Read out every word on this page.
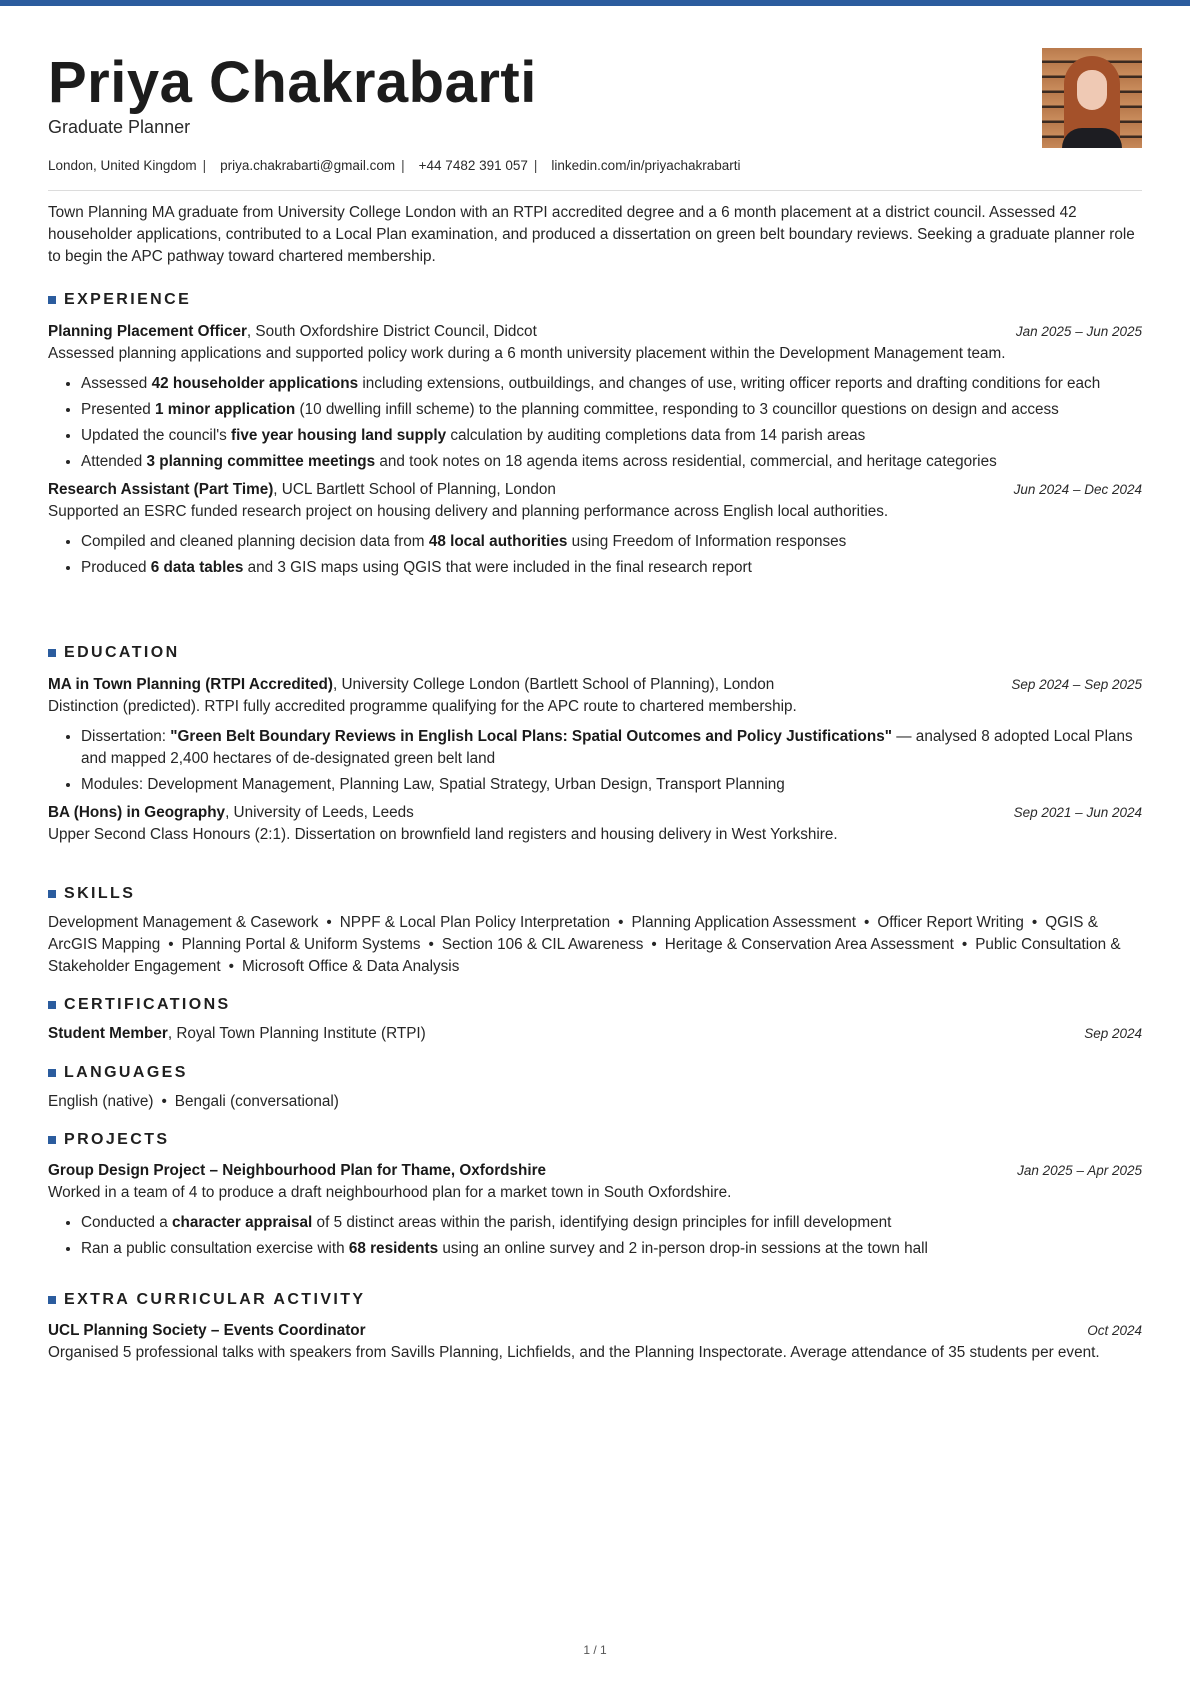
Priya Chakrabarti
Graduate Planner
London, United Kingdom | priya.chakrabarti@gmail.com | +44 7482 391 057 | linkedin.com/in/priyachakrabarti
Town Planning MA graduate from University College London with an RTPI accredited degree and a 6 month placement at a district council. Assessed 42 householder applications, contributed to a Local Plan examination, and produced a dissertation on green belt boundary reviews. Seeking a graduate planner role to begin the APC pathway toward chartered membership.
EXPERIENCE
Planning Placement Officer, South Oxfordshire District Council, Didcot	Jan 2025 – Jun 2025
Assessed planning applications and supported policy work during a 6 month university placement within the Development Management team.
• Assessed 42 householder applications including extensions, outbuildings, and changes of use, writing officer reports and drafting conditions for each
• Presented 1 minor application (10 dwelling infill scheme) to the planning committee, responding to 3 councillor questions on design and access
• Updated the council's five year housing land supply calculation by auditing completions data from 14 parish areas
• Attended 3 planning committee meetings and took notes on 18 agenda items across residential, commercial, and heritage categories
Research Assistant (Part Time), UCL Bartlett School of Planning, London	Jun 2024 – Dec 2024
Supported an ESRC funded research project on housing delivery and planning performance across English local authorities.
• Compiled and cleaned planning decision data from 48 local authorities using Freedom of Information responses
• Produced 6 data tables and 3 GIS maps using QGIS that were included in the final research report
EDUCATION
MA in Town Planning (RTPI Accredited), University College London (Bartlett School of Planning), London	Sep 2024 – Sep 2025
Distinction (predicted). RTPI fully accredited programme qualifying for the APC route to chartered membership.
• Dissertation: "Green Belt Boundary Reviews in English Local Plans: Spatial Outcomes and Policy Justifications" — analysed 8 adopted Local Plans and mapped 2,400 hectares of de-designated green belt land
• Modules: Development Management, Planning Law, Spatial Strategy, Urban Design, Transport Planning
BA (Hons) in Geography, University of Leeds, Leeds	Sep 2021 – Jun 2024
Upper Second Class Honours (2:1). Dissertation on brownfield land registers and housing delivery in West Yorkshire.
SKILLS
Development Management & Casework • NPPF & Local Plan Policy Interpretation • Planning Application Assessment • Officer Report Writing • QGIS & ArcGIS Mapping • Planning Portal & Uniform Systems • Section 106 & CIL Awareness • Heritage & Conservation Area Assessment • Public Consultation & Stakeholder Engagement • Microsoft Office & Data Analysis
CERTIFICATIONS
Student Member, Royal Town Planning Institute (RTPI)	Sep 2024
LANGUAGES
English (native) • Bengali (conversational)
PROJECTS
Group Design Project – Neighbourhood Plan for Thame, Oxfordshire	Jan 2025 – Apr 2025
Worked in a team of 4 to produce a draft neighbourhood plan for a market town in South Oxfordshire.
• Conducted a character appraisal of 5 distinct areas within the parish, identifying design principles for infill development
• Ran a public consultation exercise with 68 residents using an online survey and 2 in-person drop-in sessions at the town hall
EXTRA CURRICULAR ACTIVITY
UCL Planning Society – Events Coordinator	Oct 2024
Organised 5 professional talks with speakers from Savills Planning, Lichfields, and the Planning Inspectorate. Average attendance of 35 students per event.
1 / 1
